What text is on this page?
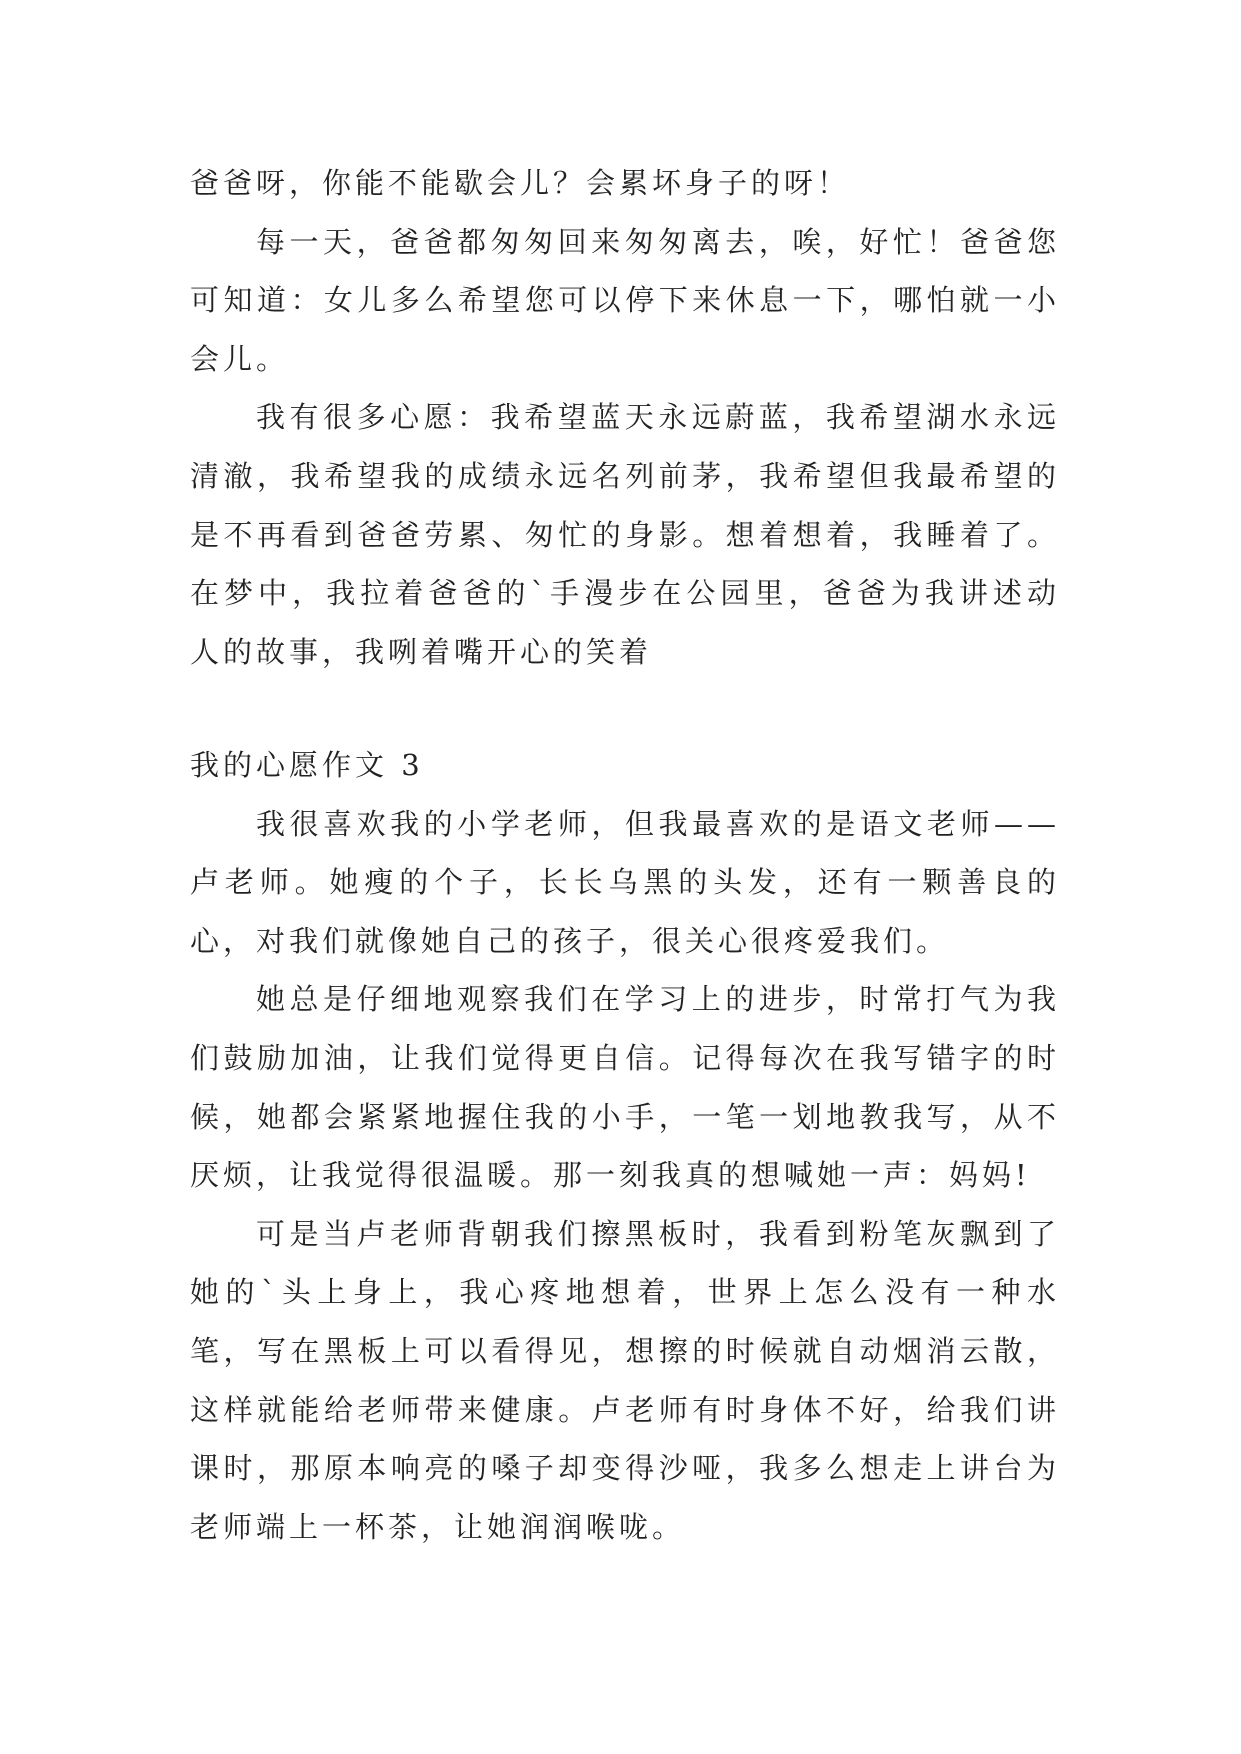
爸爸呀，你能不能歇会儿？会累坏身子的呀！

每一天，爸爸都匆匆回来匆匆离去，唉，好忙！爸爸您可知道：女儿多么希望您可以停下来休息一下，哪怕就一小会儿。

我有很多心愿：我希望蓝天永远蔚蓝，我希望湖水永远清澈，我希望我的成绩永远名列前茅，我希望但我最希望的是不再看到爸爸劳累、匆忙的身影。想着想着，我睡着了。在梦中，我拉着爸爸的`手漫步在公园里，爸爸为我讲述动人的故事，我咧着嘴开心的笑着

我的心愿作文 3

我很喜欢我的小学老师，但我最喜欢的是语文老师——卢老师。她瘦的个子，长长乌黑的头发，还有一颗善良的心，对我们就像她自己的孩子，很关心很疼爱我们。

她总是仔细地观察我们在学习上的进步，时常打气为我们鼓励加油，让我们觉得更自信。记得每次在我写错字的时候，她都会紧紧地握住我的小手，一笔一划地教我写，从不厌烦，让我觉得很温暖。那一刻我真的想喊她一声：妈妈!

可是当卢老师背朝我们擦黑板时，我看到粉笔灰飘到了她的`头上身上，我心疼地想着，世界上怎么没有一种水笔，写在黑板上可以看得见，想擦的时候就自动烟消云散，这样就能给老师带来健康。卢老师有时身体不好，给我们讲课时，那原本响亮的嗓子却变得沙哑，我多么想走上讲台为老师端上一杯茶，让她润润喉咙。
